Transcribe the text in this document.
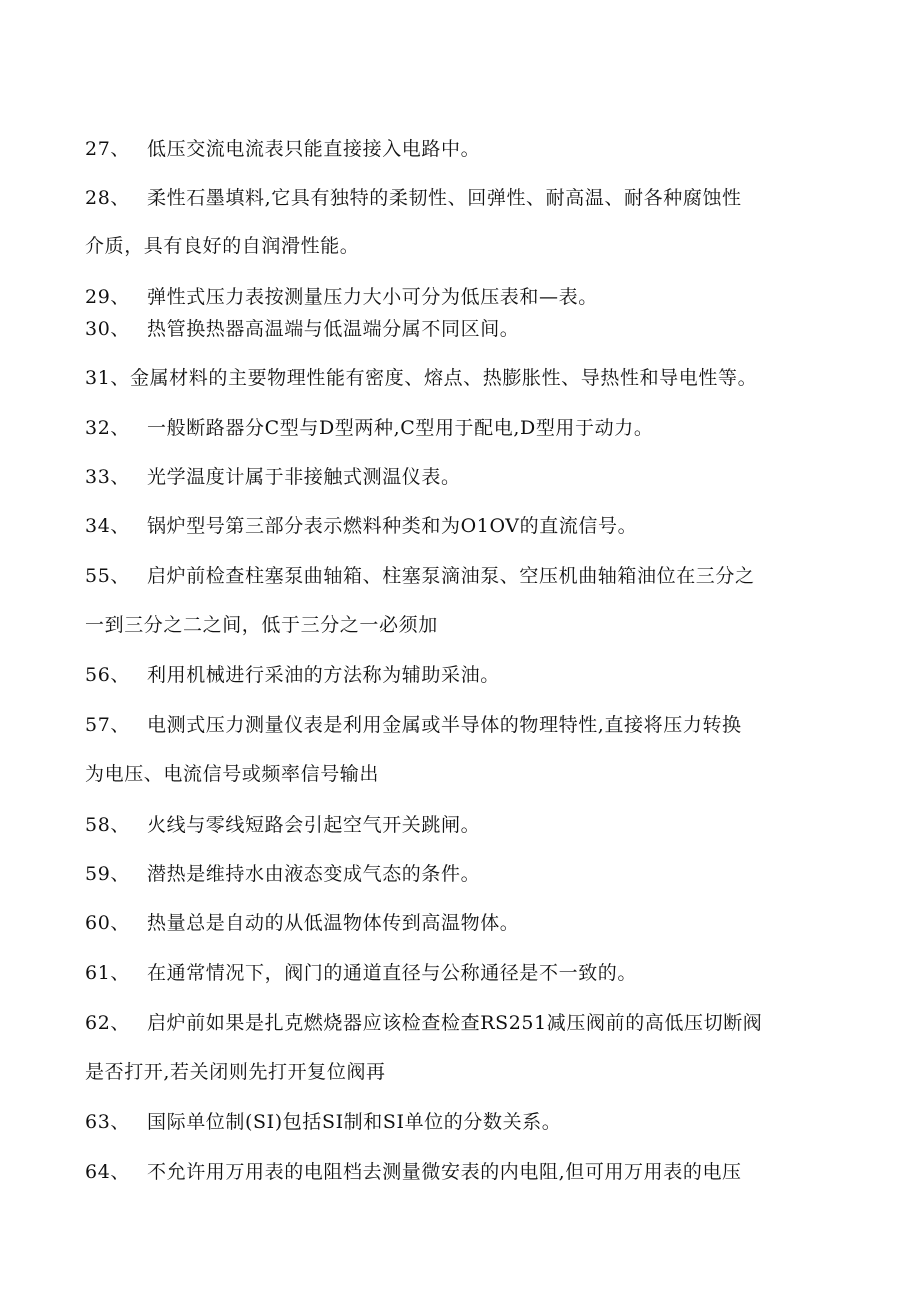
27、 低压交流电流表只能直接接入电路中。
28、 柔性石墨填料,它具有独特的柔韧性、回弹性、耐高温、耐各种腐蚀性
介质，具有良好的自润滑性能。
29、 弹性式压力表按测量压力大小可分为低压表和—表。
30、 热管换热器高温端与低温端分属不同区间。
31、金属材料的主要物理性能有密度、熔点、热膨胀性、导热性和导电性等。
32、 一般断路器分C型与D型两种,C型用于配电,D型用于动力。
33、 光学温度计属于非接触式测温仪表。
34、 锅炉型号第三部分表示燃料种类和为O1OV的直流信号。
55、 启炉前检查柱塞泵曲轴箱、柱塞泵滴油泵、空压机曲轴箱油位在三分之
一到三分之二之间，低于三分之一必须加
56、 利用机械进行采油的方法称为辅助采油。
57、 电测式压力测量仪表是利用金属或半导体的物理特性,直接将压力转换
为电压、电流信号或频率信号输出
58、 火线与零线短路会引起空气开关跳闸。
59、 潜热是维持水由液态变成气态的条件。
60、 热量总是自动的从低温物体传到高温物体。
61、 在通常情况下，阀门的通道直径与公称通径是不一致的。
62、 启炉前如果是扎克燃烧器应该检查检查RS251减压阀前的高低压切断阀
是否打开,若关闭则先打开复位阀再
63、 国际单位制(SI)包括SI制和SI单位的分数关系。
64、 不允许用万用表的电阻档去测量微安表的内电阻,但可用万用表的电压
